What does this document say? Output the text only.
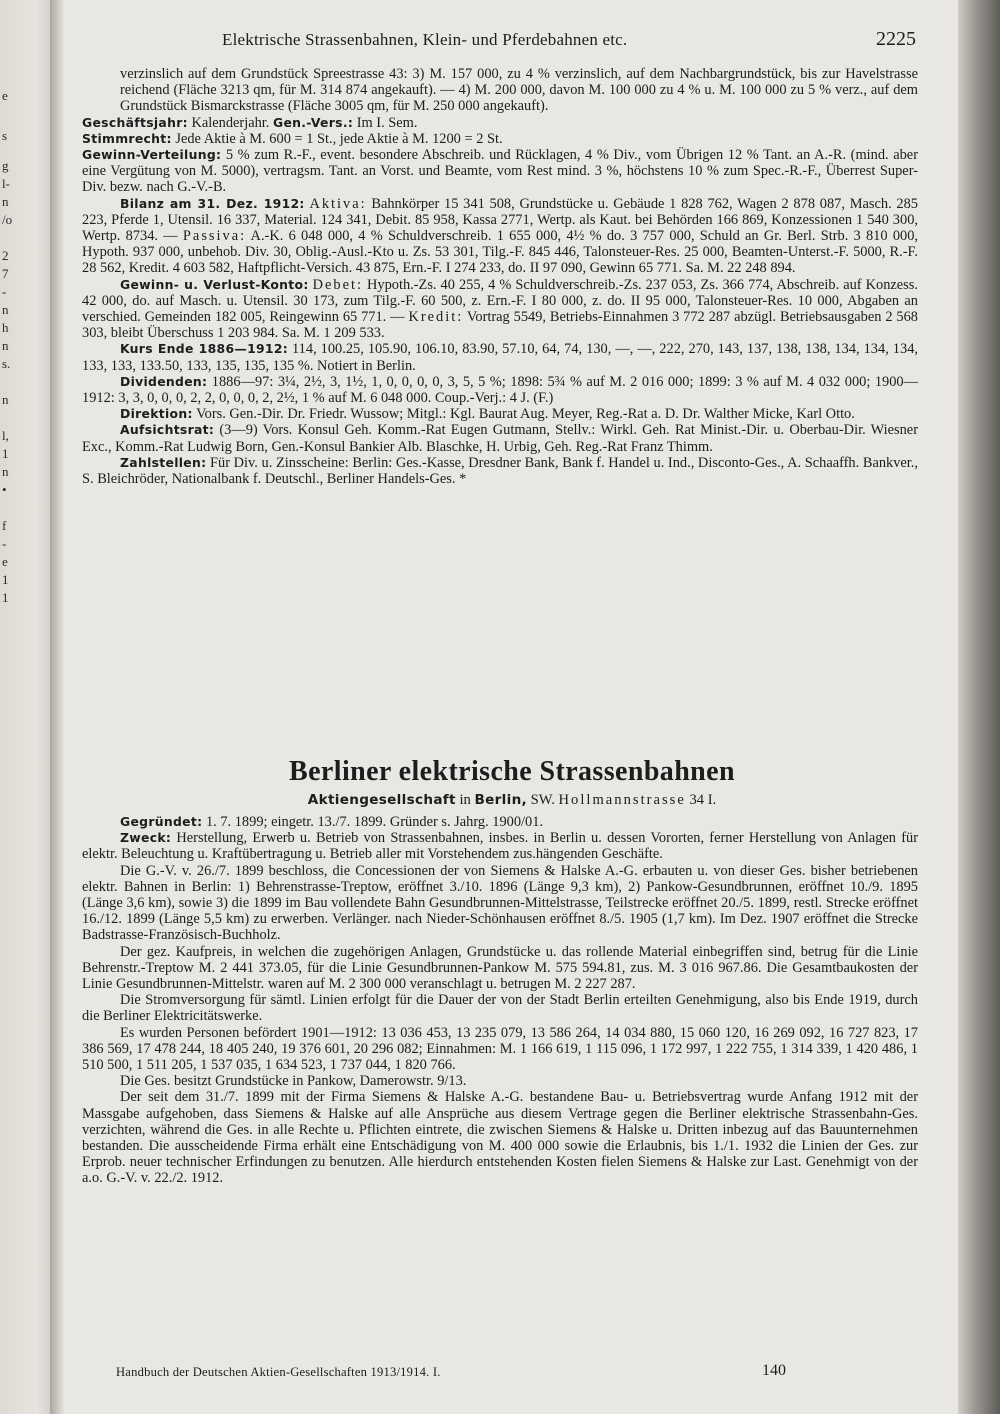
e
s
g
l-
n
/o
2
7
-
n
h
n
s.
n
l,
1
n
•
f
-
e
1
1
Elektrische Strassenbahnen, Klein- und Pferdebahnen etc.	2225

verzinslich auf dem Grundstück Spreestrasse 43: 3) M. 157 000, zu 4 % verzinslich, auf dem Nachbargrundstück, bis zur Havelstrasse reichend (Fläche 3213 qm, für M. 314 874 angekauft). — 4) M. 200 000, davon M. 100 000 zu 4 % u. M. 100 000 zu 5 % verz., auf dem Grundstück Bismarckstrasse (Fläche 3005 qm, für M. 250 000 angekauft).

Geschäftsjahr: Kalenderjahr. Gen.-Vers.: Im I. Sem.

Stimmrecht: Jede Aktie à M. 600 = 1 St., jede Aktie à M. 1200 = 2 St.

Gewinn-Verteilung: 5 % zum R.-F., event. besondere Abschreib. und Rücklagen, 4 % Div., vom Übrigen 12 % Tant. an A.-R. (mind. aber eine Vergütung von M. 5000), vertragsm. Tant. an Vorst. und Beamte, vom Rest mind. 3 %, höchstens 10 % zum Spec.-R.-F., Überrest Super-Div. bezw. nach G.-V.-B.

Bilanz am 31. Dez. 1912: Aktiva: Bahnkörper 15 341 508, Grundstücke u. Gebäude 1 828 762, Wagen 2 878 087, Masch. 285 223, Pferde 1, Utensil. 16 337, Material. 124 341, Debit. 85 958, Kassa 2771, Wertp. als Kaut. bei Behörden 166 869, Konzessionen 1 540 300, Wertp. 8734. — Passiva: A.-K. 6 048 000, 4 % Schuldverschreib. 1 655 000, 4½ % do. 3 757 000, Schuld an Gr. Berl. Strb. 3 810 000, Hypoth. 937 000, unbehob. Div. 30, Oblig.-Ausl.-Kto u. Zs. 53 301, Tilg.-F. 845 446, Talonsteuer-Res. 25 000, Beamten-Unterst.-F. 5000, R.-F. 28 562, Kredit. 4 603 582, Haftpflicht-Versich. 43 875, Ern.-F. I 274 233, do. II 97 090, Gewinn 65 771. Sa. M. 22 248 894.

Gewinn- u. Verlust-Konto: Debet: Hypoth.-Zs. 40 255, 4 % Schuldverschreib.-Zs. 237 053, Zs. 366 774, Abschreib. auf Konzess. 42 000, do. auf Masch. u. Utensil. 30 173, zum Tilg.-F. 60 500, z. Ern.-F. I 80 000, z. do. II 95 000, Talonsteuer-Res. 10 000, Abgaben an verschied. Gemeinden 182 005, Reingewinn 65 771. — Kredit: Vortrag 5549, Betriebs-Einnahmen 3 772 287 abzügl. Betriebsausgaben 2 568 303, bleibt Überschuss 1 203 984. Sa. M. 1 209 533.

Kurs Ende 1886—1912: 114, 100.25, 105.90, 106.10, 83.90, 57.10, 64, 74, 130, —, —, 222, 270, 143, 137, 138, 138, 134, 134, 134, 133, 133, 133.50, 133, 135, 135, 135 %. Notiert in Berlin.

Dividenden: 1886—97: 3¼, 2½, 3, 1½, 1, 0, 0, 0, 0, 3, 5, 5 %; 1898: 5¾ % auf M. 2 016 000; 1899: 3 % auf M. 4 032 000; 1900—1912: 3, 3, 0, 0, 0, 2, 2, 0, 0, 0, 2, 2½, 1 % auf M. 6 048 000. Coup.-Verj.: 4 J. (F.)

Direktion: Vors. Gen.-Dir. Dr. Friedr. Wussow; Mitgl.: Kgl. Baurat Aug. Meyer, Reg.-Rat a. D. Dr. Walther Micke, Karl Otto.

Aufsichtsrat: (3—9) Vors. Konsul Geh. Komm.-Rat Eugen Gutmann, Stellv.: Wirkl. Geh. Rat Minist.-Dir. u. Oberbau-Dir. Wiesner Exc., Komm.-Rat Ludwig Born, Gen.-Konsul Bankier Alb. Blaschke, H. Urbig, Geh. Reg.-Rat Franz Thimm.

Zahlstellen: Für Div. u. Zinsscheine: Berlin: Ges.-Kasse, Dresdner Bank, Bank f. Handel u. Ind., Disconto-Ges., A. Schaaffh. Bankver., S. Bleichröder, Nationalbank f. Deutschl., Berliner Handels-Ges. *

Berliner elektrische Strassenbahnen
Aktiengesellschaft in Berlin, SW. Hollmannstrasse 34 I.

Gegründet: 1. 7. 1899; eingetr. 13./7. 1899. Gründer s. Jahrg. 1900/01.

Zweck: Herstellung, Erwerb u. Betrieb von Strassenbahnen, insbes. in Berlin u. dessen Vororten, ferner Herstellung von Anlagen für elektr. Beleuchtung u. Kraftübertragung u. Betrieb aller mit Vorstehendem zus.hängenden Geschäfte.

Die G.-V. v. 26./7. 1899 beschloss, die Concessionen der von Siemens & Halske A.-G. erbauten u. von dieser Ges. bisher betriebenen elektr. Bahnen in Berlin: 1) Behrenstrasse-Treptow, eröffnet 3./10. 1896 (Länge 9,3 km), 2) Pankow-Gesundbrunnen, eröffnet 10./9. 1895 (Länge 3,6 km), sowie 3) die 1899 im Bau vollendete Bahn Gesundbrunnen-Mittelstrasse, Teilstrecke eröffnet 20./5. 1899, restl. Strecke eröffnet 16./12. 1899 (Länge 5,5 km) zu erwerben. Verlänger. nach Nieder-Schönhausen eröffnet 8./5. 1905 (1,7 km). Im Dez. 1907 eröffnet die Strecke Badstrasse-Französisch-Buchholz.

Der gez. Kaufpreis, in welchen die zugehörigen Anlagen, Grundstücke u. das rollende Material einbegriffen sind, betrug für die Linie Behrenstr.-Treptow M. 2 441 373.05, für die Linie Gesundbrunnen-Pankow M. 575 594.81, zus. M. 3 016 967.86. Die Gesamtbaukosten der Linie Gesundbrunnen-Mittelstr. waren auf M. 2 300 000 veranschlagt u. betrugen M. 2 227 287.

Die Stromversorgung für sämtl. Linien erfolgt für die Dauer der von der Stadt Berlin erteilten Genehmigung, also bis Ende 1919, durch die Berliner Elektricitätswerke.

Es wurden Personen befördert 1901—1912: 13 036 453, 13 235 079, 13 586 264, 14 034 880, 15 060 120, 16 269 092, 16 727 823, 17 386 569, 17 478 244, 18 405 240, 19 376 601, 20 296 082; Einnahmen: M. 1 166 619, 1 115 096, 1 172 997, 1 222 755, 1 314 339, 1 420 486, 1 510 500, 1 511 205, 1 537 035, 1 634 523, 1 737 044, 1 820 766.

Die Ges. besitzt Grundstücke in Pankow, Damerowstr. 9/13.

Der seit dem 31./7. 1899 mit der Firma Siemens & Halske A.-G. bestandene Bau- u. Betriebsvertrag wurde Anfang 1912 mit der Massgabe aufgehoben, dass Siemens & Halske auf alle Ansprüche aus diesem Vertrage gegen die Berliner elektrische Strassenbahn-Ges. verzichten, während die Ges. in alle Rechte u. Pflichten eintrete, die zwischen Siemens & Halske u. Dritten inbezug auf das Bauunternehmen bestanden. Die ausscheidende Firma erhält eine Entschädigung von M. 400 000 sowie die Erlaubnis, bis 1./1. 1932 die Linien der Ges. zur Erprob. neuer technischer Erfindungen zu benutzen. Alle hierdurch entstehenden Kosten fielen Siemens & Halske zur Last. Genehmigt von der a.o. G.-V. v. 22./2. 1912.

Handbuch der Deutschen Aktien-Gesellschaften 1913/1914. I.	140
